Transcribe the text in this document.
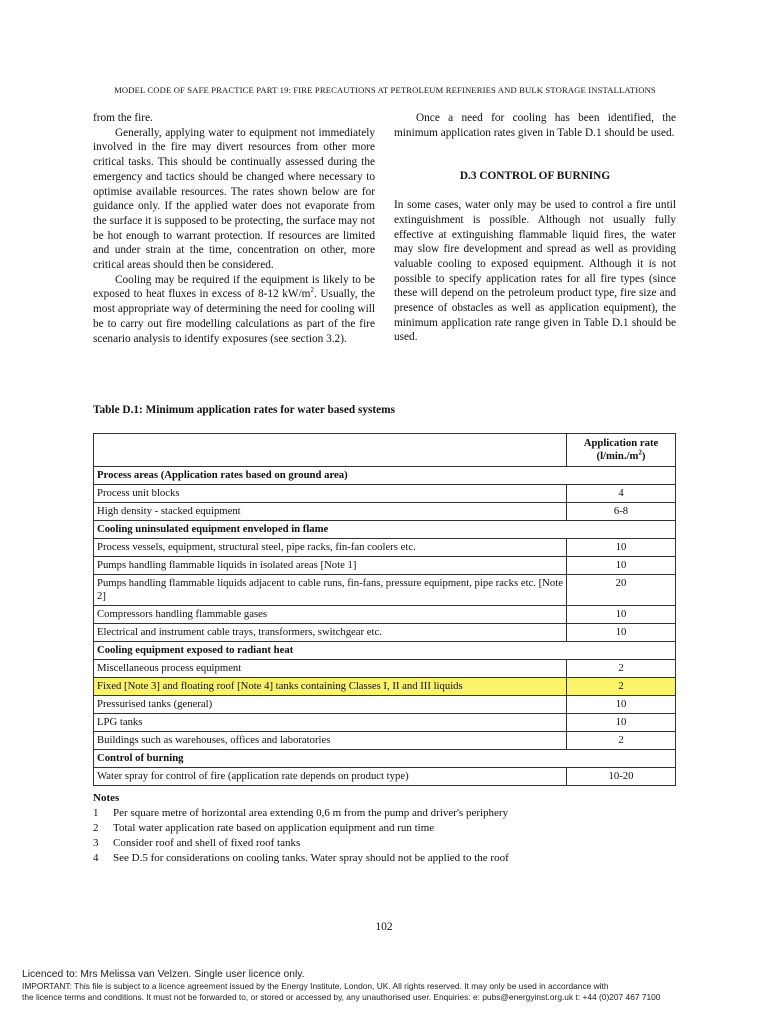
MODEL CODE OF SAFE PRACTICE PART 19: FIRE PRECAUTIONS AT PETROLEUM REFINERIES AND BULK STORAGE INSTALLATIONS

from the fire.

Generally, applying water to equipment not immediately involved in the fire may divert resources from other more critical tasks. This should be continually assessed during the emergency and tactics should be changed where necessary to optimise available resources. The rates shown below are for guidance only. If the applied water does not evaporate from the surface it is supposed to be protecting, the surface may not be hot enough to warrant protection. If resources are limited and under strain at the time, concentration on other, more critical areas should then be considered.

Cooling may be required if the equipment is likely to be exposed to heat fluxes in excess of 8-12 $kW/m^2$. Usually, the most appropriate way of determining the need for cooling will be to carry out fire modelling calculations as part of the fire scenario analysis to identify exposures (see section 3.2).

Once a need for cooling has been identified, the minimum application rates given in Table D.1 should be used.

D.3 CONTROL OF BURNING

In some cases, water only may be used to control a fire until extinguishment is possible. Although not usually fully effective at extinguishing flammable liquid fires, the water may slow fire development and spread as well as providing valuable cooling to exposed equipment. Although it is not possible to specify application rates for all fire types (since these will depend on the petroleum product type, fire size and presence of obstacles as well as application equipment), the minimum application rate range given in Table D.1 should be used.

Table D.1: Minimum application rates for water based systems
	Application rate
$(l/\min./m^2)$
Process areas (Application rates based on ground area)	
Process unit blocks	4
High density - stacked equipment	6-8
Cooling uninsulated equipment enveloped in flame	
Process vessels, equipment, structural steel, pipe racks, fin-fan coolers etc.	10
Pumps handling flammable liquids in isolated areas [Note 1]	10
Pumps handling flammable liquids adjacent to cable runs, fin-fans, pressure equipment, pipe racks etc. [Note 2]	20
Compressors handling flammable gases	10
Electrical and instrument cable trays, transformers, switchgear etc.	10
Cooling equipment exposed to radiant heat	
Miscellaneous process equipment	2
Fixed [Note 3] and floating roof [Note 4] tanks containing Classes I, II and III liquids	2
Pressurised tanks (general)	10
LPG tanks	10
Buildings such as warehouses, offices and laboratories	2
Control of burning	
Water spray for control of fire (application rate depends on product type)	10-20
Notes
1	Per square metre of horizontal area extending 0,6 m from the pump and driver's periphery
2	Total water application rate based on application equipment and run time
3	Consider roof and shell of fixed roof tanks
4	See D.5 for considerations on cooling tanks. Water spray should not be applied to the roof
102
Licenced to: Mrs Melissa van Velzen. Single user licence only.
IMPORTANT: This file is subject to a licence agreement issued by the Energy Institute, London, UK. All rights reserved. It may only be used in accordance with
the licence terms and conditions. It must not be forwarded to, or stored or accessed by, any unauthorised user. Enquiries: e: pubs@energyinst.org.uk t: +44 (0)207 467 7100
